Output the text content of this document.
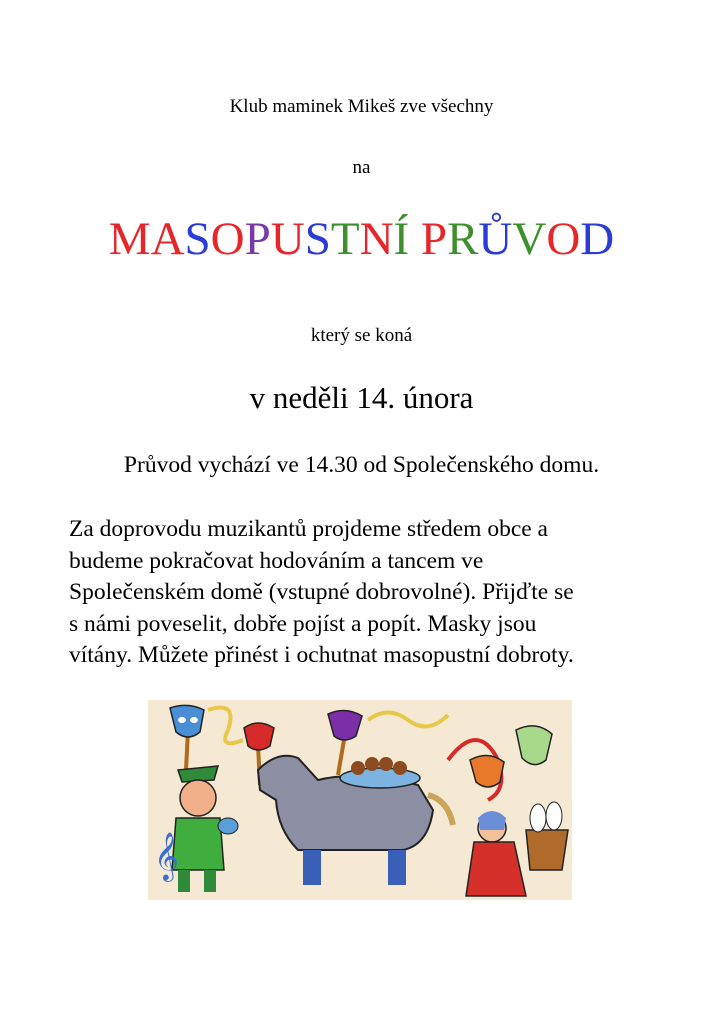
Klub maminek Mikeš zve všechny
na
MASOPUSTNÍ PRŮVOD
který se koná
v neděli 14. února
Průvod vychází ve 14.30 od Společenského domu.
Za doprovodu muzikantů projdeme středem obce a
budeme pokračovat hodováním a tancem ve
Společenském domě (vstupné dobrovolné). Přijďte se
s námi poveselit, dobře pojíst a popít. Masky jsou
vítány. Můžete přinést i ochutnat masopustní dobroty.
𝄞
